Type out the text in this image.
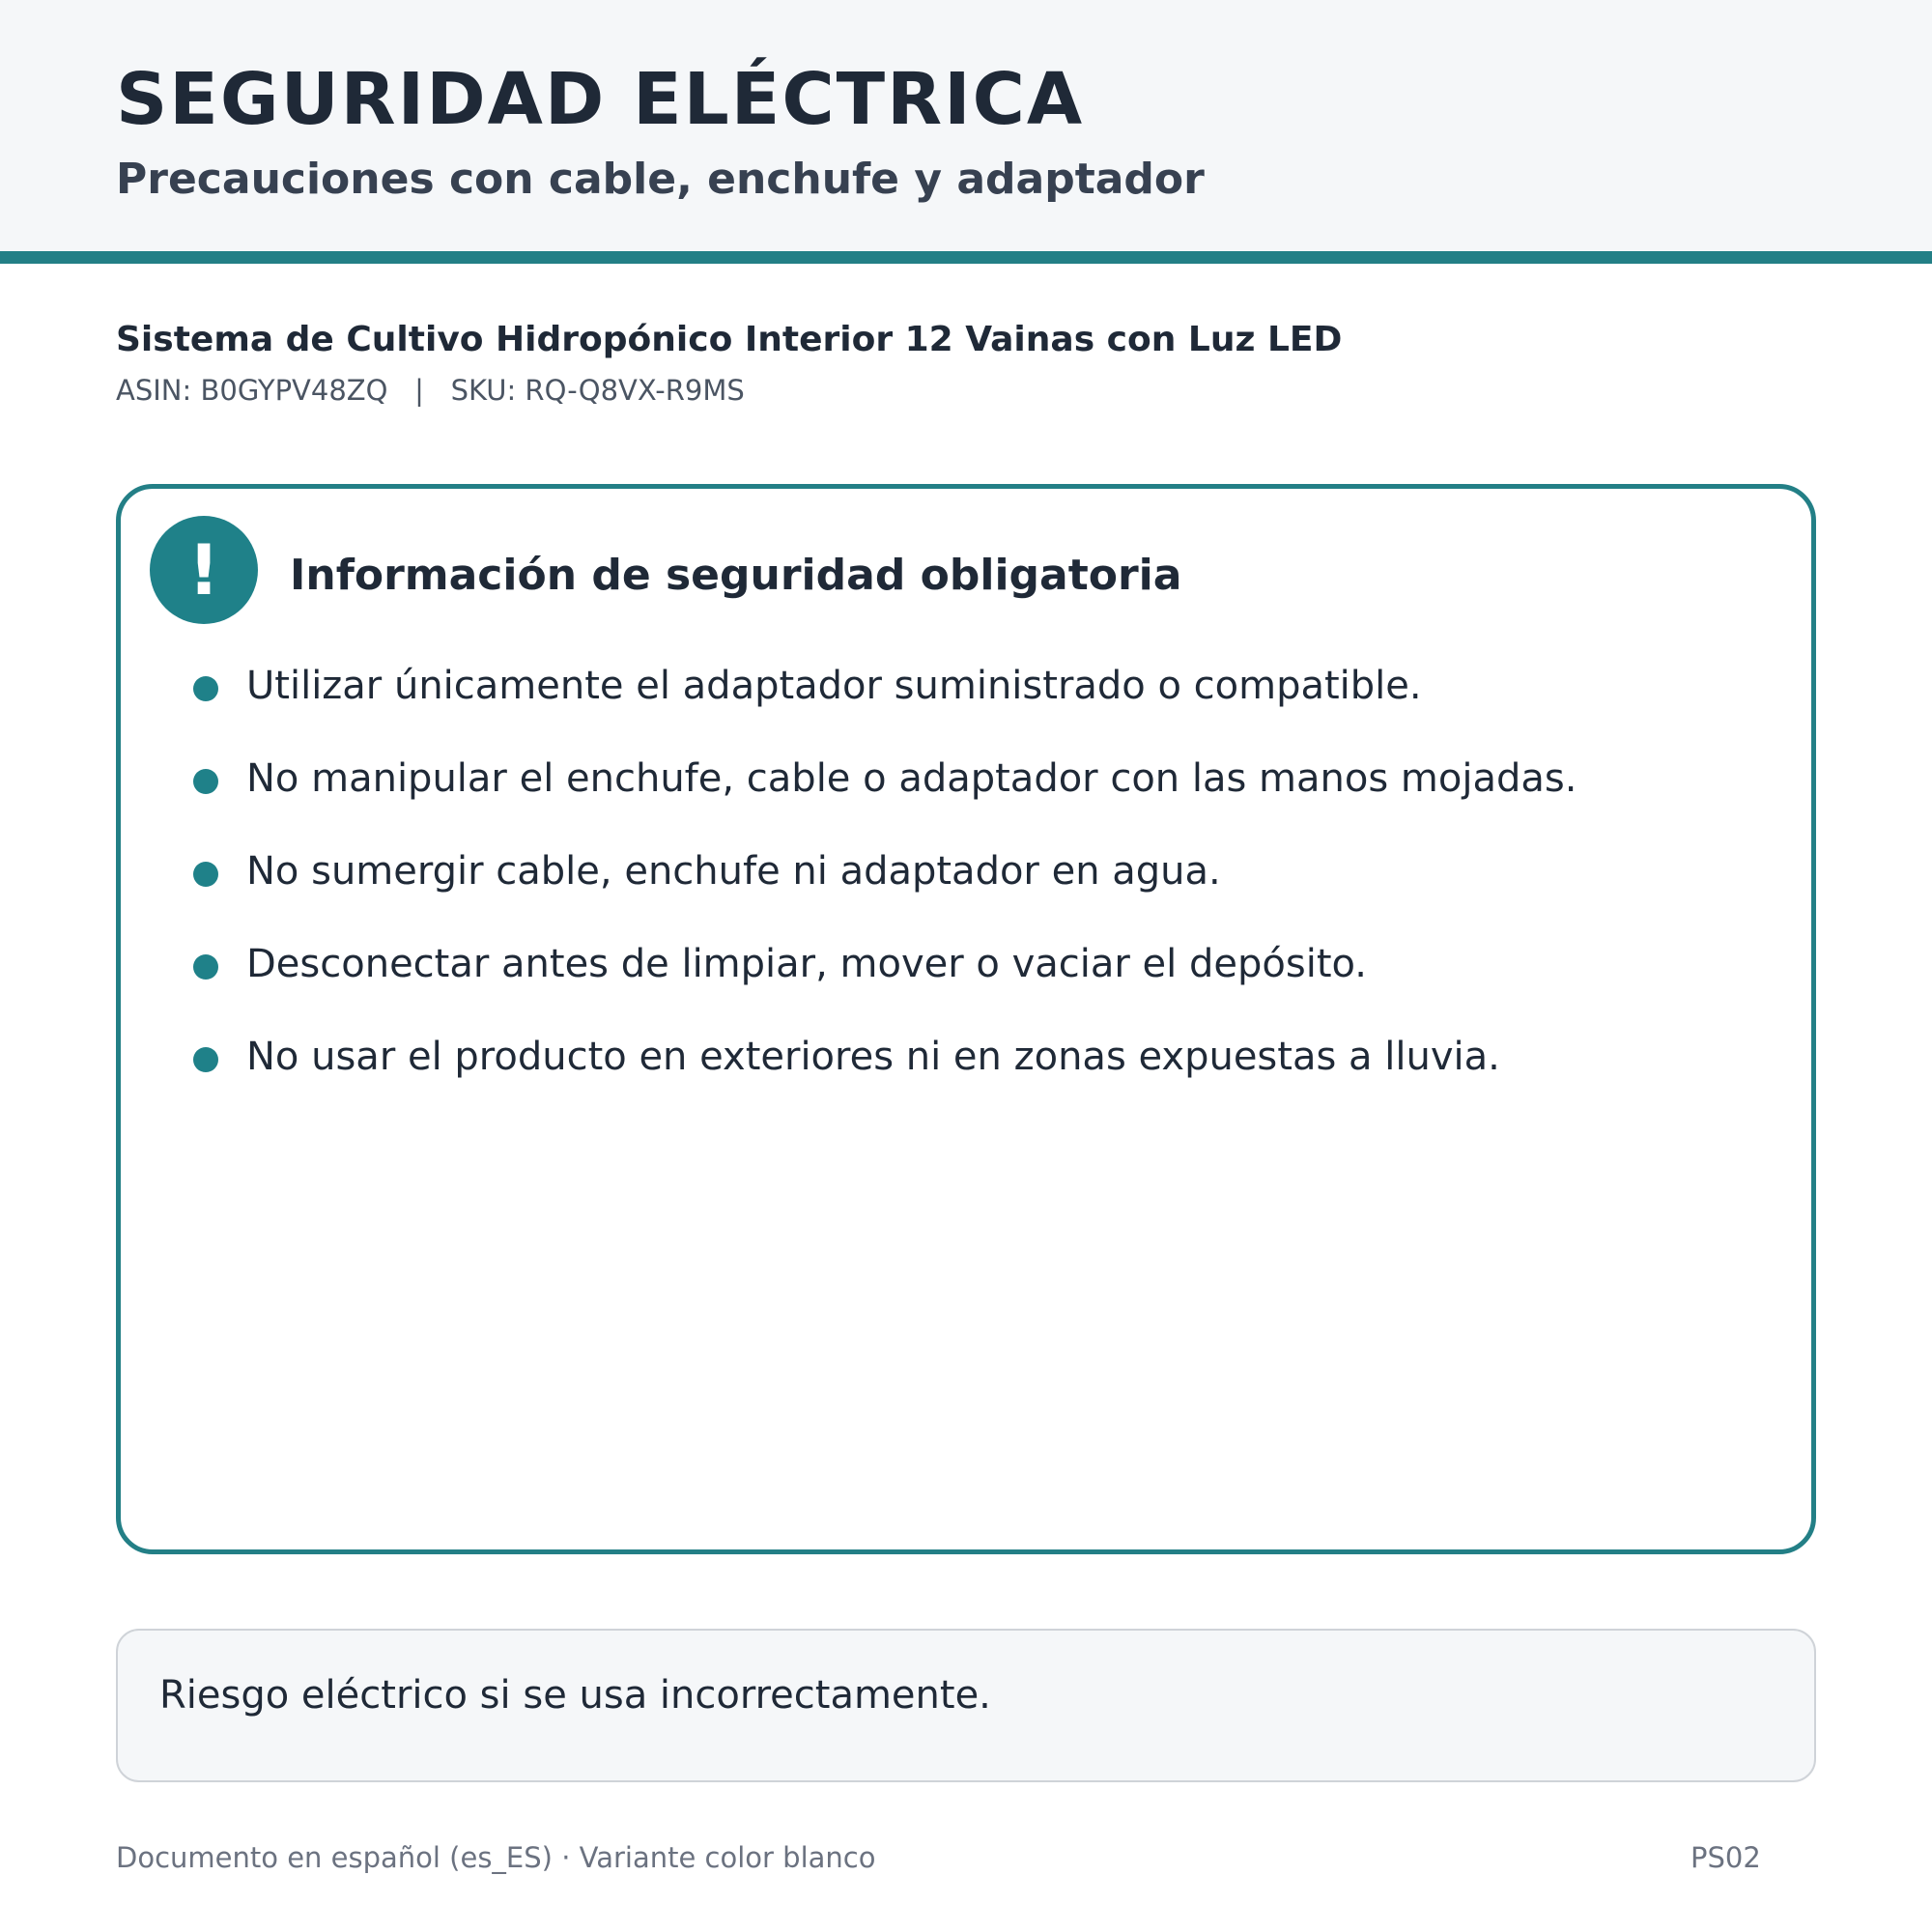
SEGURIDAD ELÉCTRICA
Precauciones con cable, enchufe y adaptador
Sistema de Cultivo Hidropónico Interior 12 Vainas con Luz LED
ASIN: B0GYPV48ZQ   |   SKU: RQ-Q8VX-R9MS
!	Información de seguridad obligatoria
Utilizar únicamente el adaptador suministrado o compatible.
No manipular el enchufe, cable o adaptador con las manos mojadas.
No sumergir cable, enchufe ni adaptador en agua.
Desconectar antes de limpiar, mover o vaciar el depósito.
No usar el producto en exteriores ni en zonas expuestas a lluvia.
Riesgo eléctrico si se usa incorrectamente.
Documento en español (es_ES) · Variante color blanco	PS02
